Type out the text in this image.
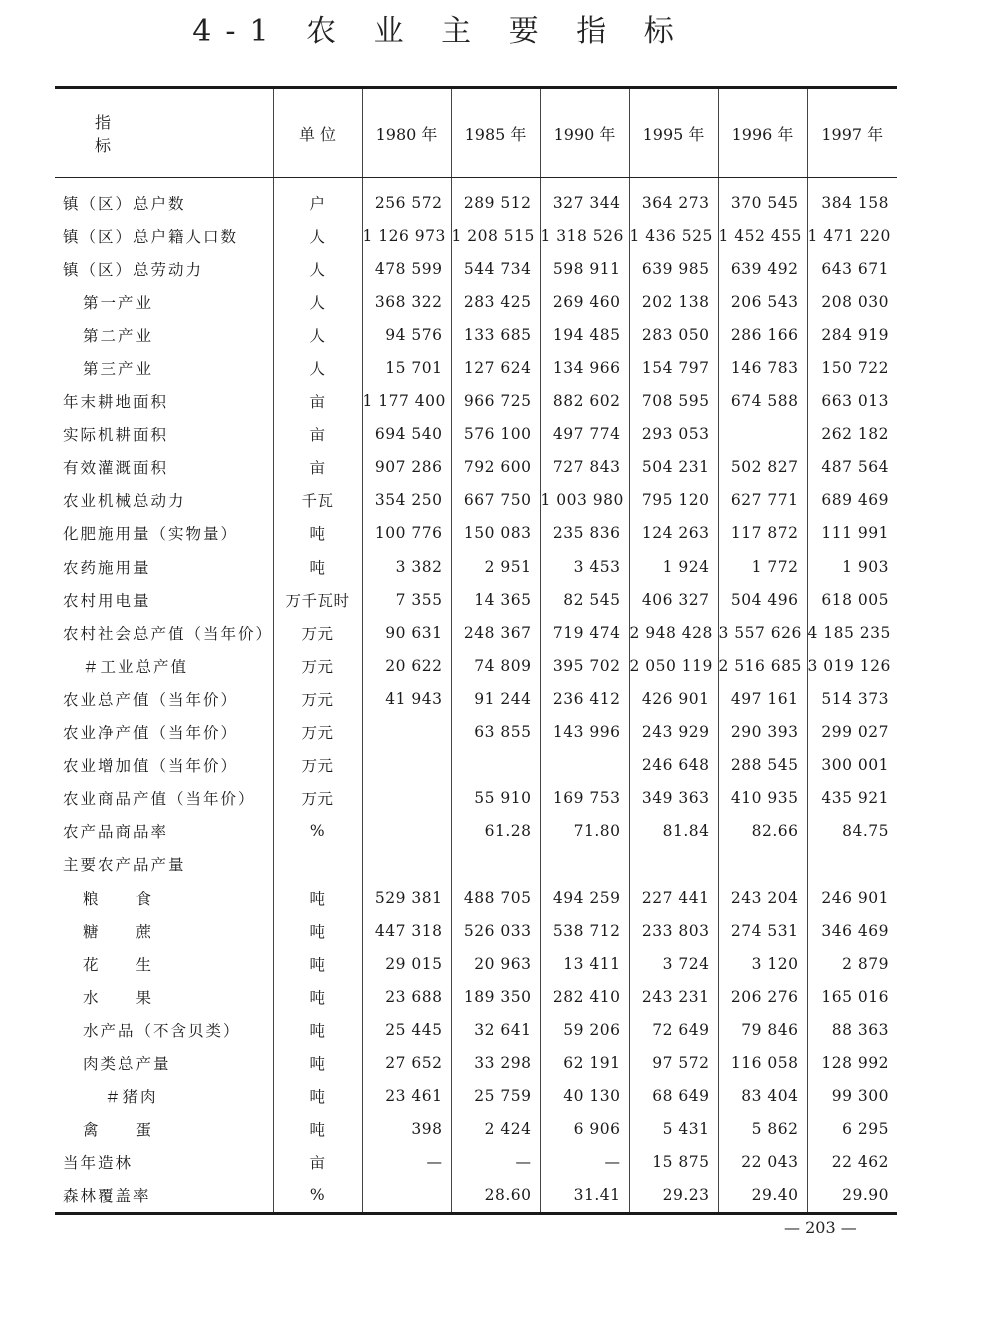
4-1 农 业 主 要 指 标
指 标	单 位	1980 年	1985 年	1990 年	1995 年	1996 年	1997 年
镇（区）总户数	户	256 572	289 512	327 344	364 273	370 545	384 158
镇（区）总户籍人口数	人	1 126 973	1 208 515	1 318 526	1 436 525	1 452 455	1 471 220
镇（区）总劳动力	人	478 599	544 734	598 911	639 985	639 492	643 671
第一产业	人	368 322	283 425	269 460	202 138	206 543	208 030
第二产业	人	94 576	133 685	194 485	283 050	286 166	284 919
第三产业	人	15 701	127 624	134 966	154 797	146 783	150 722
年末耕地面积	亩	1 177 400	966 725	882 602	708 595	674 588	663 013
实际机耕面积	亩	694 540	576 100	497 774	293 053		262 182
有效灌溉面积	亩	907 286	792 600	727 843	504 231	502 827	487 564
农业机械总动力	千瓦	354 250	667 750	1 003 980	795 120	627 771	689 469
化肥施用量（实物量）	吨	100 776	150 083	235 836	124 263	117 872	111 991
农药施用量	吨	3 382	2 951	3 453	1 924	1 772	1 903
农村用电量	万千瓦时	7 355	14 365	82 545	406 327	504 496	618 005
农村社会总产值（当年价）	万元	90 631	248 367	719 474	2 948 428	3 557 626	4 185 235
＃工业总产值	万元	20 622	74 809	395 702	2 050 119	2 516 685	3 019 126
农业总产值（当年价）	万元	41 943	91 244	236 412	426 901	497 161	514 373
农业净产值（当年价）	万元		63 855	143 996	243 929	290 393	299 027
农业增加值（当年价）	万元				246 648	288 545	300 001
农业商品产值（当年价）	万元		55 910	169 753	349 363	410 935	435 921
农产品商品率	%		61.28	71.80	81.84	82.66	84.75
主要农产品产量							
粮　　食	吨	529 381	488 705	494 259	227 441	243 204	246 901
糖　　蔗	吨	447 318	526 033	538 712	233 803	274 531	346 469
花　　生	吨	29 015	20 963	13 411	3 724	3 120	2 879
水　　果	吨	23 688	189 350	282 410	243 231	206 276	165 016
水产品（不含贝类）	吨	25 445	32 641	59 206	72 649	79 846	88 363
肉类总产量	吨	27 652	33 298	62 191	97 572	116 058	128 992
＃猪肉	吨	23 461	25 759	40 130	68 649	83 404	99 300
禽　　蛋	吨	398	2 424	6 906	5 431	5 862	6 295
当年造林	亩	—	—	—	15 875	22 043	22 462
森林覆盖率	%		28.60	31.41	29.23	29.40	29.90
— 203 —
